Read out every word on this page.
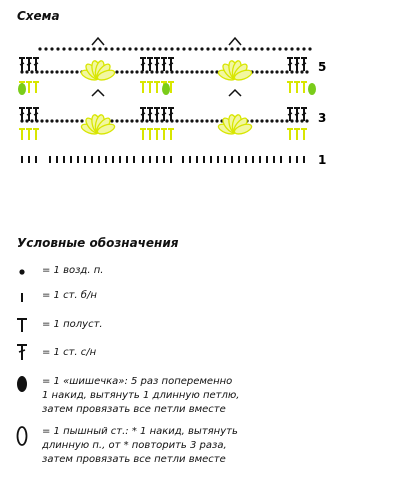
Схема
5
3
1
Условные обозначения
= 1 возд. п.
= 1 ст. б/н
= 1 полуст.
= 1 ст. с/н
= 1 «шишечка»: 5 раз попеременно
1 накид, вытянуть 1 длинную петлю,
затем провязать все петли вместе
= 1 пышный ст.: * 1 накид, вытянуть
длинную п., от * повторить 3 раза,
затем провязать все петли вместе
